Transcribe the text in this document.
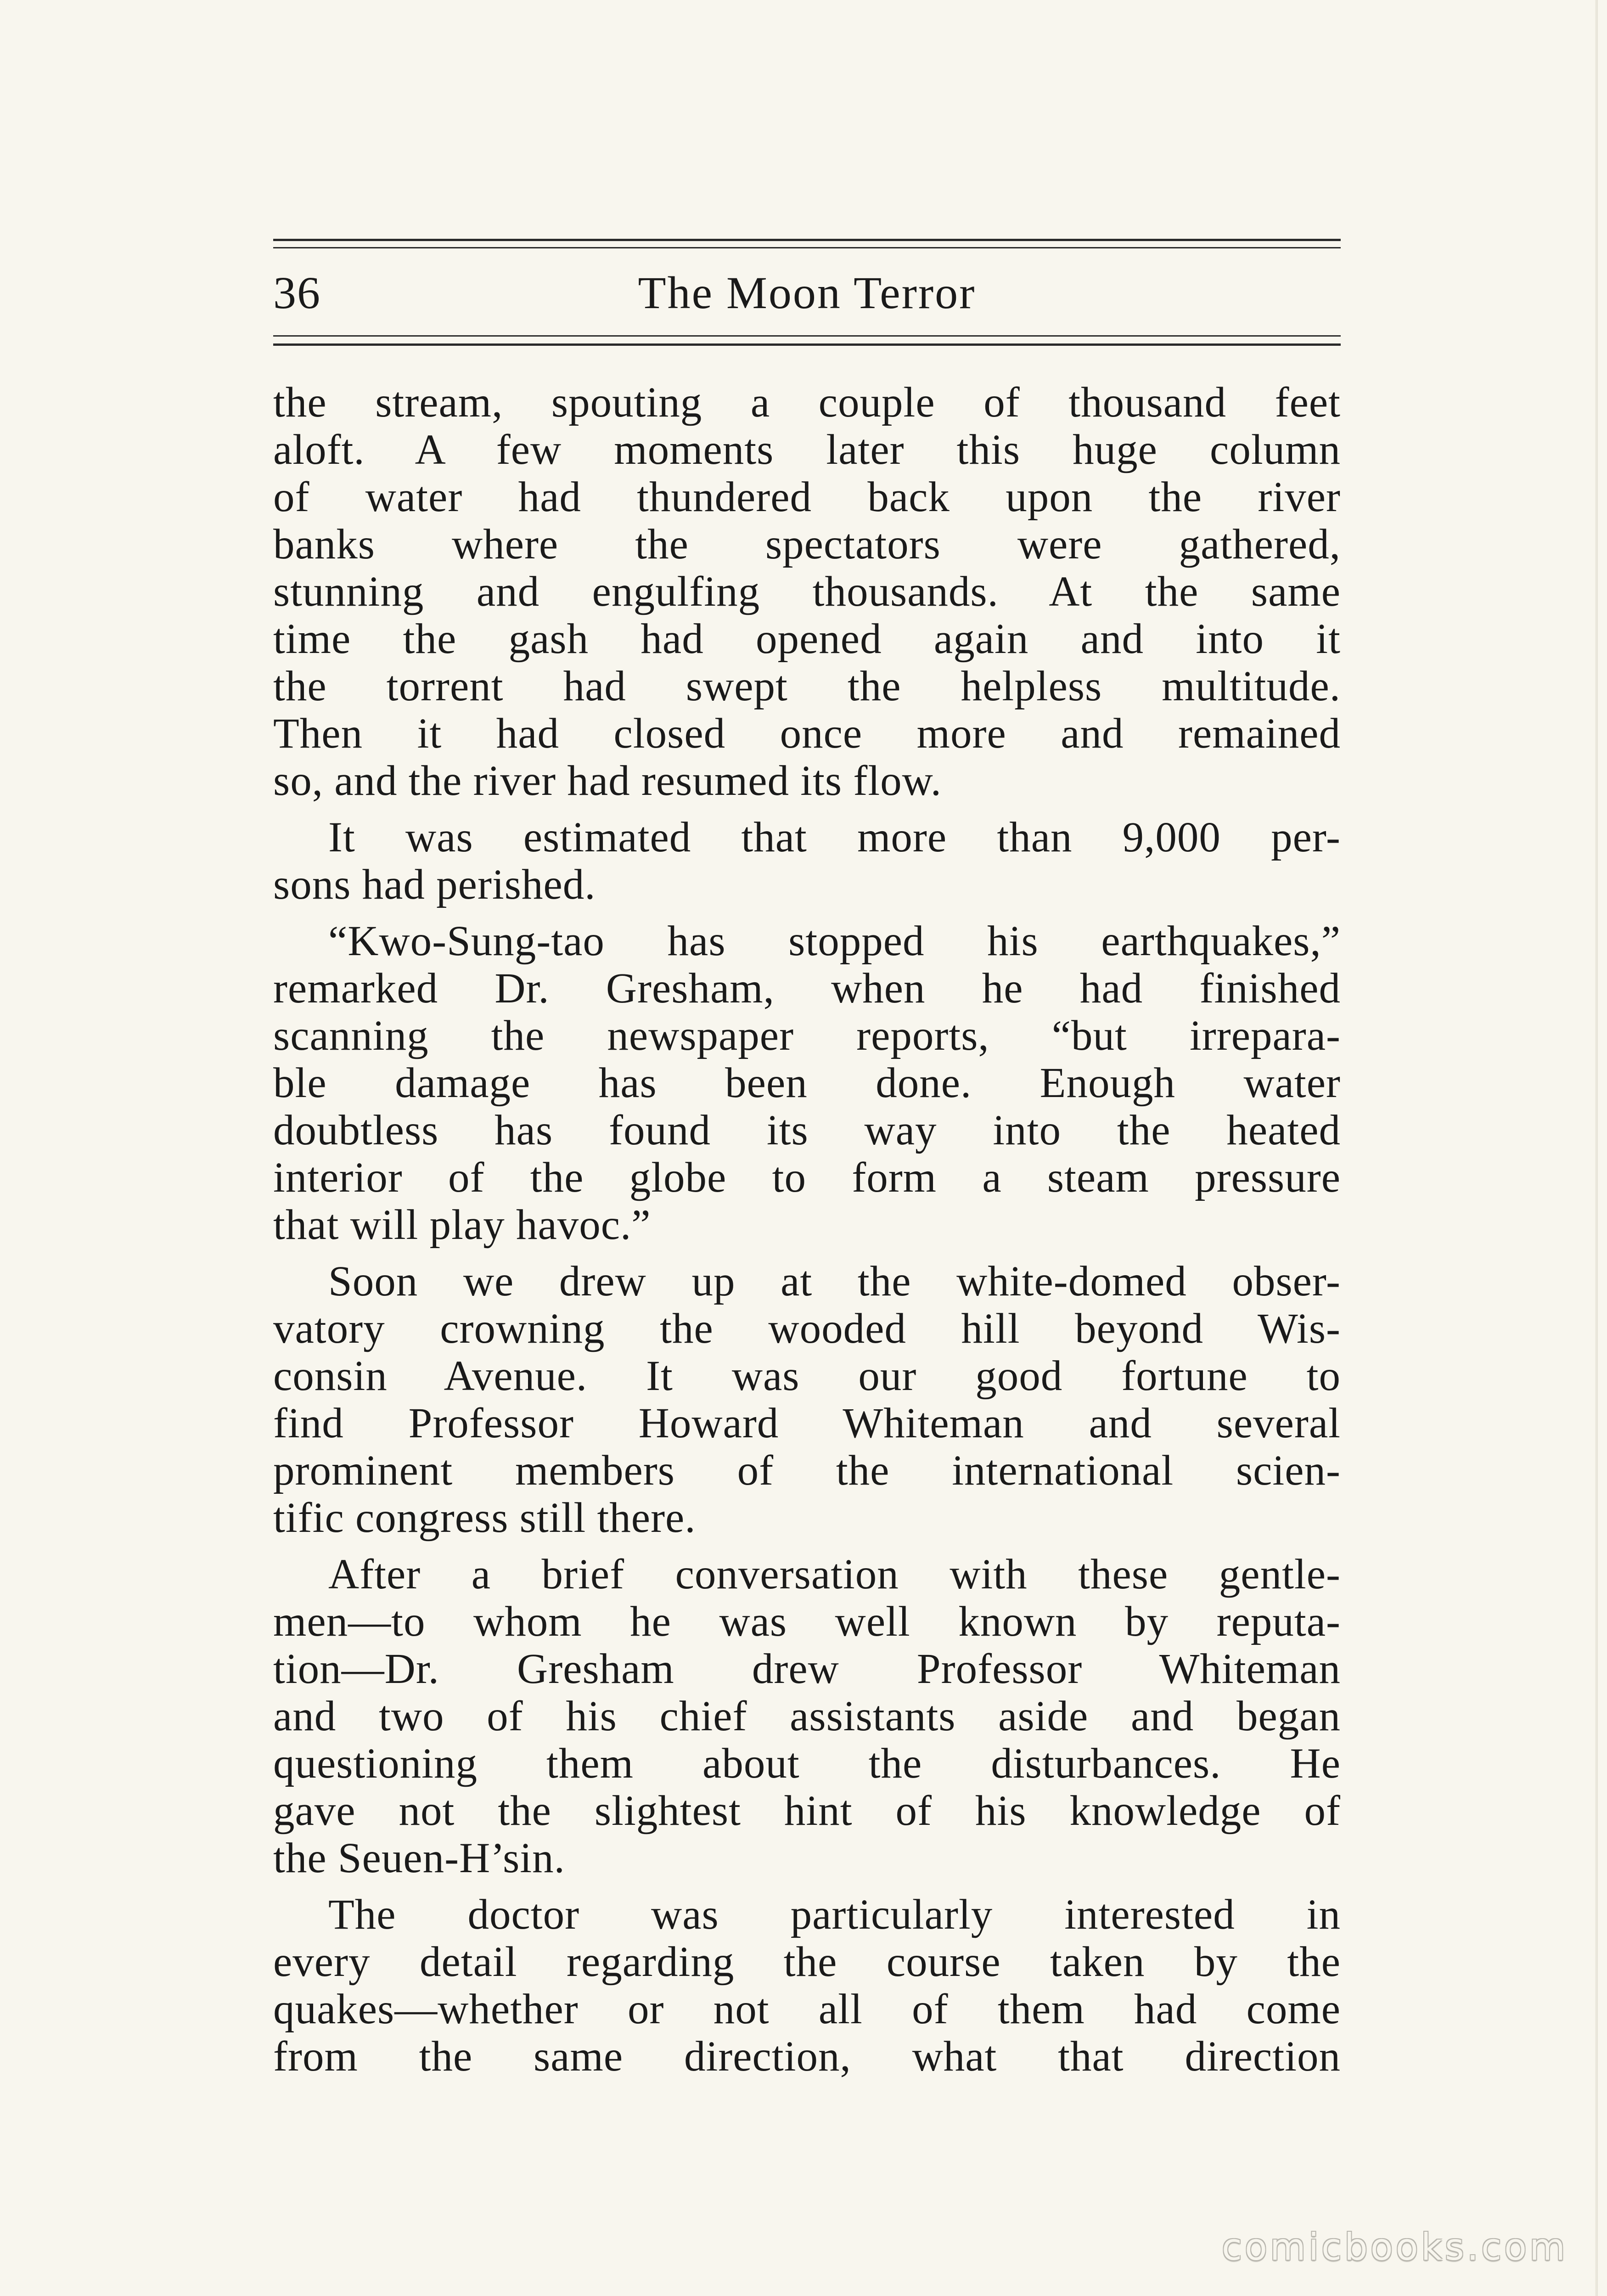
36	The Moon Terror

the stream, spouting a couple of thousand feet
aloft. A few moments later this huge column
of water had thundered back upon the river
banks where the spectators were gathered,
stunning and engulfing thousands. At the same
time the gash had opened again and into it
the torrent had swept the helpless multitude.
Then it had closed once more and remained
so, and the river had resumed its flow.

It was estimated that more than 9,000 per-
sons had perished.

“Kwo-Sung-tao has stopped his earthquakes,”
remarked Dr. Gresham, when he had finished
scanning the newspaper reports, “but irrepara-
ble damage has been done. Enough water
doubtless has found its way into the heated
interior of the globe to form a steam pressure
that will play havoc.”

Soon we drew up at the white-domed obser-
vatory crowning the wooded hill beyond Wis-
consin Avenue. It was our good fortune to
find Professor Howard Whiteman and several
prominent members of the international scien-
tific congress still there.

After a brief conversation with these gentle-
men—to whom he was well known by reputa-
tion—Dr. Gresham drew Professor Whiteman
and two of his chief assistants aside and began
questioning them about the disturbances. He
gave not the slightest hint of his knowledge of
the Seuen-H’sin.

The doctor was particularly interested in
every detail regarding the course taken by the
quakes—whether or not all of them had come
from the same direction, what that direction

comicbooks.com
